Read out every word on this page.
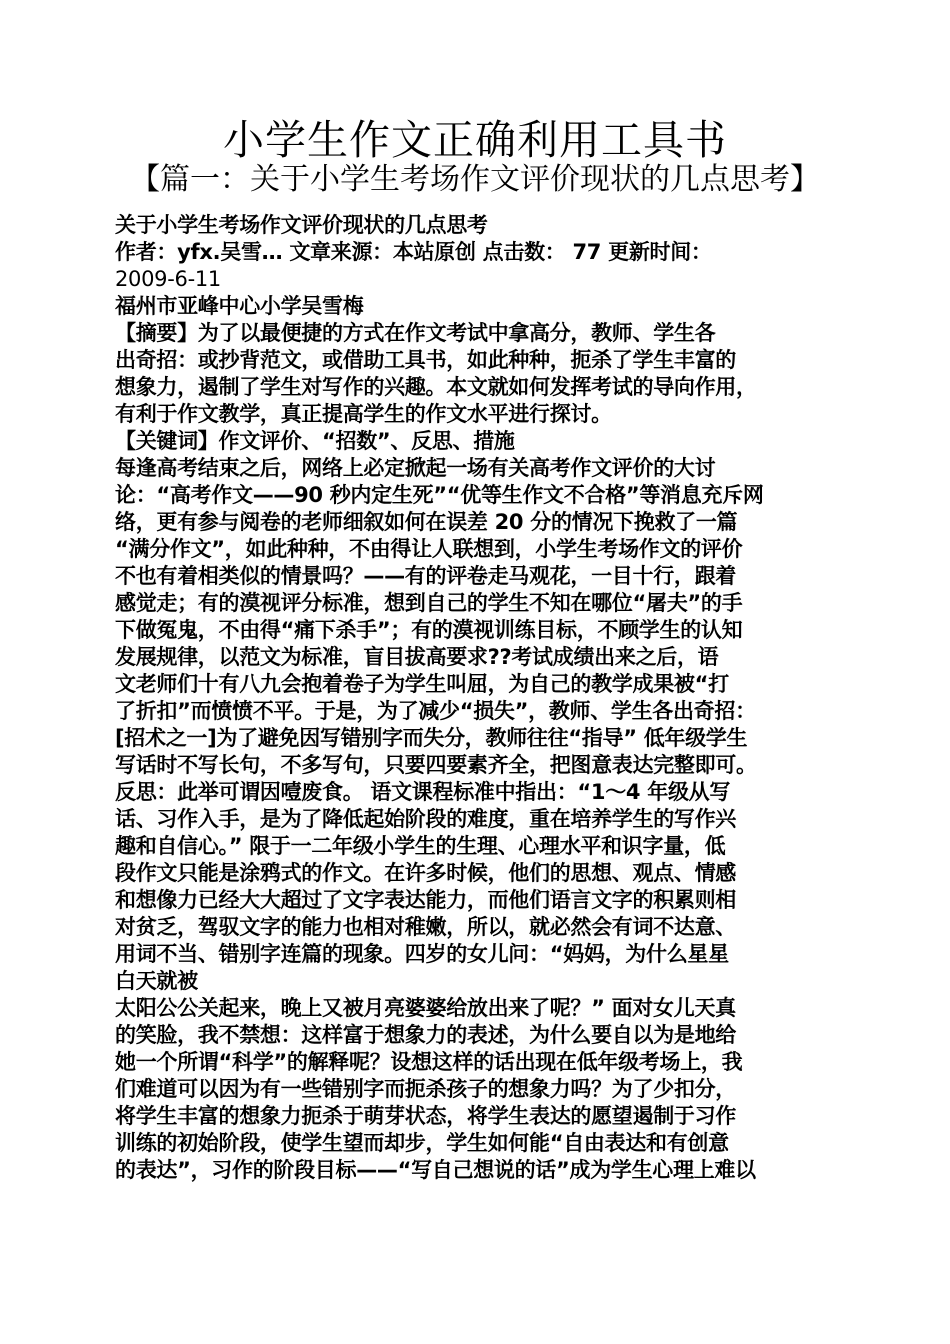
小学生作文正确利用工具书
【篇一：关于小学生考场作文评价现状的几点思考】
关于小学生考场作文评价现状的几点思考
作者：yfx.吴雪… 文章来源：本站原创 点击数： 77 更新时间：
2009-6-11
福州市亚峰中心小学吴雪梅
【摘要】为了以最便捷的方式在作文考试中拿高分，教师、学生各
出奇招：或抄背范文，或借助工具书，如此种种，扼杀了学生丰富的
想象力，遏制了学生对写作的兴趣。本文就如何发挥考试的导向作用，
有利于作文教学，真正提高学生的作文水平进行探讨。
【关键词】作文评价、“招数”、反思、措施
每逢高考结束之后，网络上必定掀起一场有关高考作文评价的大讨
论：“高考作文——90 秒内定生死”“优等生作文不合格”等消息充斥网
络，更有参与阅卷的老师细叙如何在误差 20 分的情况下挽救了一篇
“满分作文”，如此种种，不由得让人联想到，小学生考场作文的评价
不也有着相类似的情景吗？——有的评卷走马观花，一目十行，跟着
感觉走；有的漠视评分标准，想到自己的学生不知在哪位“屠夫”的手
下做冤鬼，不由得“痛下杀手”；有的漠视训练目标，不顾学生的认知
发展规律，以范文为标准，盲目拔高要求??考试成绩出来之后，语
文老师们十有八九会抱着卷子为学生叫屈，为自己的教学成果被“打
了折扣”而愤愤不平。于是，为了减少“损失”，教师、学生各出奇招：
[招术之一]为了避免因写错别字而失分，教师往往“指导” 低年级学生
写话时不写长句，不多写句，只要四要素齐全，把图意表达完整即可。
反思：此举可谓因噎废食。 语文课程标准中指出：“1～4 年级从写
话、习作入手，是为了降低起始阶段的难度，重在培养学生的写作兴
趣和自信心。” 限于一二年级小学生的生理、心理水平和识字量，低
段作文只能是涂鸦式的作文。在许多时候，他们的思想、观点、情感
和想像力已经大大超过了文字表达能力，而他们语言文字的积累则相
对贫乏，驾驭文字的能力也相对稚嫩，所以，就必然会有词不达意、
用词不当、错别字连篇的现象。四岁的女儿问：“妈妈，为什么星星
白天就被
太阳公公关起来，晚上又被月亮婆婆给放出来了呢？” 面对女儿天真
的笑脸，我不禁想：这样富于想象力的表述，为什么要自以为是地给
她一个所谓“科学”的解释呢？设想这样的话出现在低年级考场上，我
们难道可以因为有一些错别字而扼杀孩子的想象力吗？为了少扣分，
将学生丰富的想象力扼杀于萌芽状态，将学生表达的愿望遏制于习作
训练的初始阶段，使学生望而却步，学生如何能“自由表达和有创意
的表达”，习作的阶段目标——“写自己想说的话”成为学生心理上难以
